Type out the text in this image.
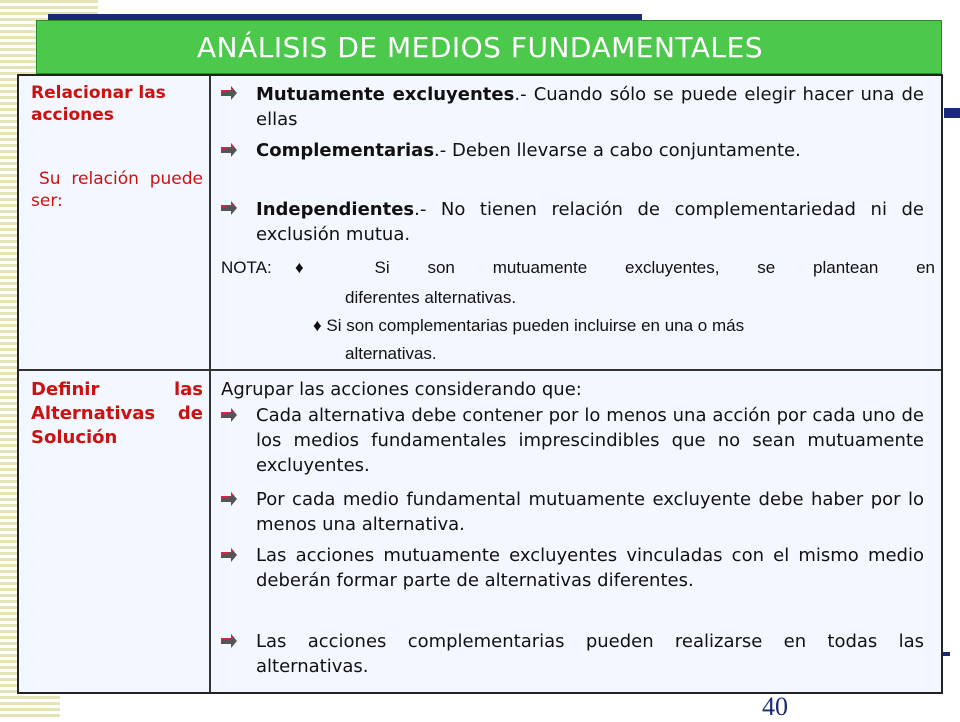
ANÁLISIS DE MEDIOS FUNDAMENTALES
Relacionar las acciones
Su relación puede ser:
Mutuamente excluyentes.- Cuando sólo se puede elegir hacer una de ellas
Complementarias.- Deben llevarse a cabo conjuntamente.
Independientes.- No tienen relación de complementariedad ni de exclusión mutua.
NOTA: ♦ Si son mutuamente excluyentes, se plantean en
diferentes alternativas.
♦ Si son complementarias pueden incluirse en una o más
alternativas.
Definir las Alternativas de Solución
Agrupar las acciones considerando que:
Cada alternativa debe contener por lo menos una acción por cada uno de los medios fundamentales imprescindibles que no sean mutuamente excluyentes.
Por cada medio fundamental mutuamente excluyente debe haber por lo menos una alternativa.
Las acciones mutuamente excluyentes vinculadas con el mismo medio deberán formar parte de alternativas diferentes.
Las acciones complementarias pueden realizarse en todas las alternativas.
40
